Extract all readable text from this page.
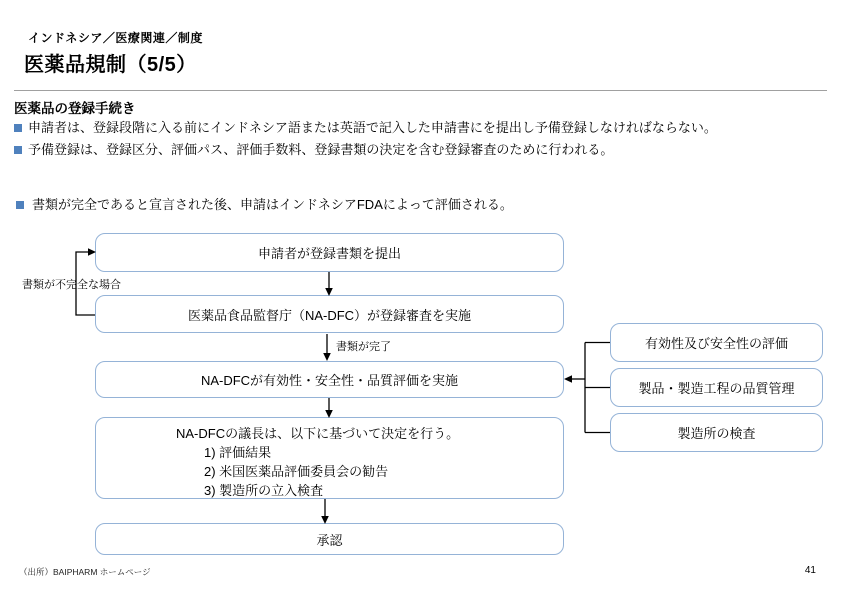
インドネシア／医療関連／制度
医薬品規制（5/5）
医薬品の登録手続き
申請者は、登録段階に入る前にインドネシア語または英語で記入した申請書にを提出し予備登録しなければならない。
予備登録は、登録区分、評価パス、評価手数料、登録書類の決定を含む登録審査のために行われる。
書類が完全であると宣言された後、申請はインドネシアFDAによって評価される。
申請者が登録書類を提出
医薬品食品監督庁（NA-DFC）が登録審査を実施
NA-DFCが有効性・安全性・品質評価を実施
NA-DFCの議長は、以下に基づいて決定を行う。
1) 評価結果
2) 米国医薬品評価委員会の勧告
3) 製造所の立入検査
承認
有効性及び安全性の評価
製品・製造工程の品質管理
製造所の検査
書類が不完全な場合
書類が完了
（出所）BAIPHARM ホームページ	41
